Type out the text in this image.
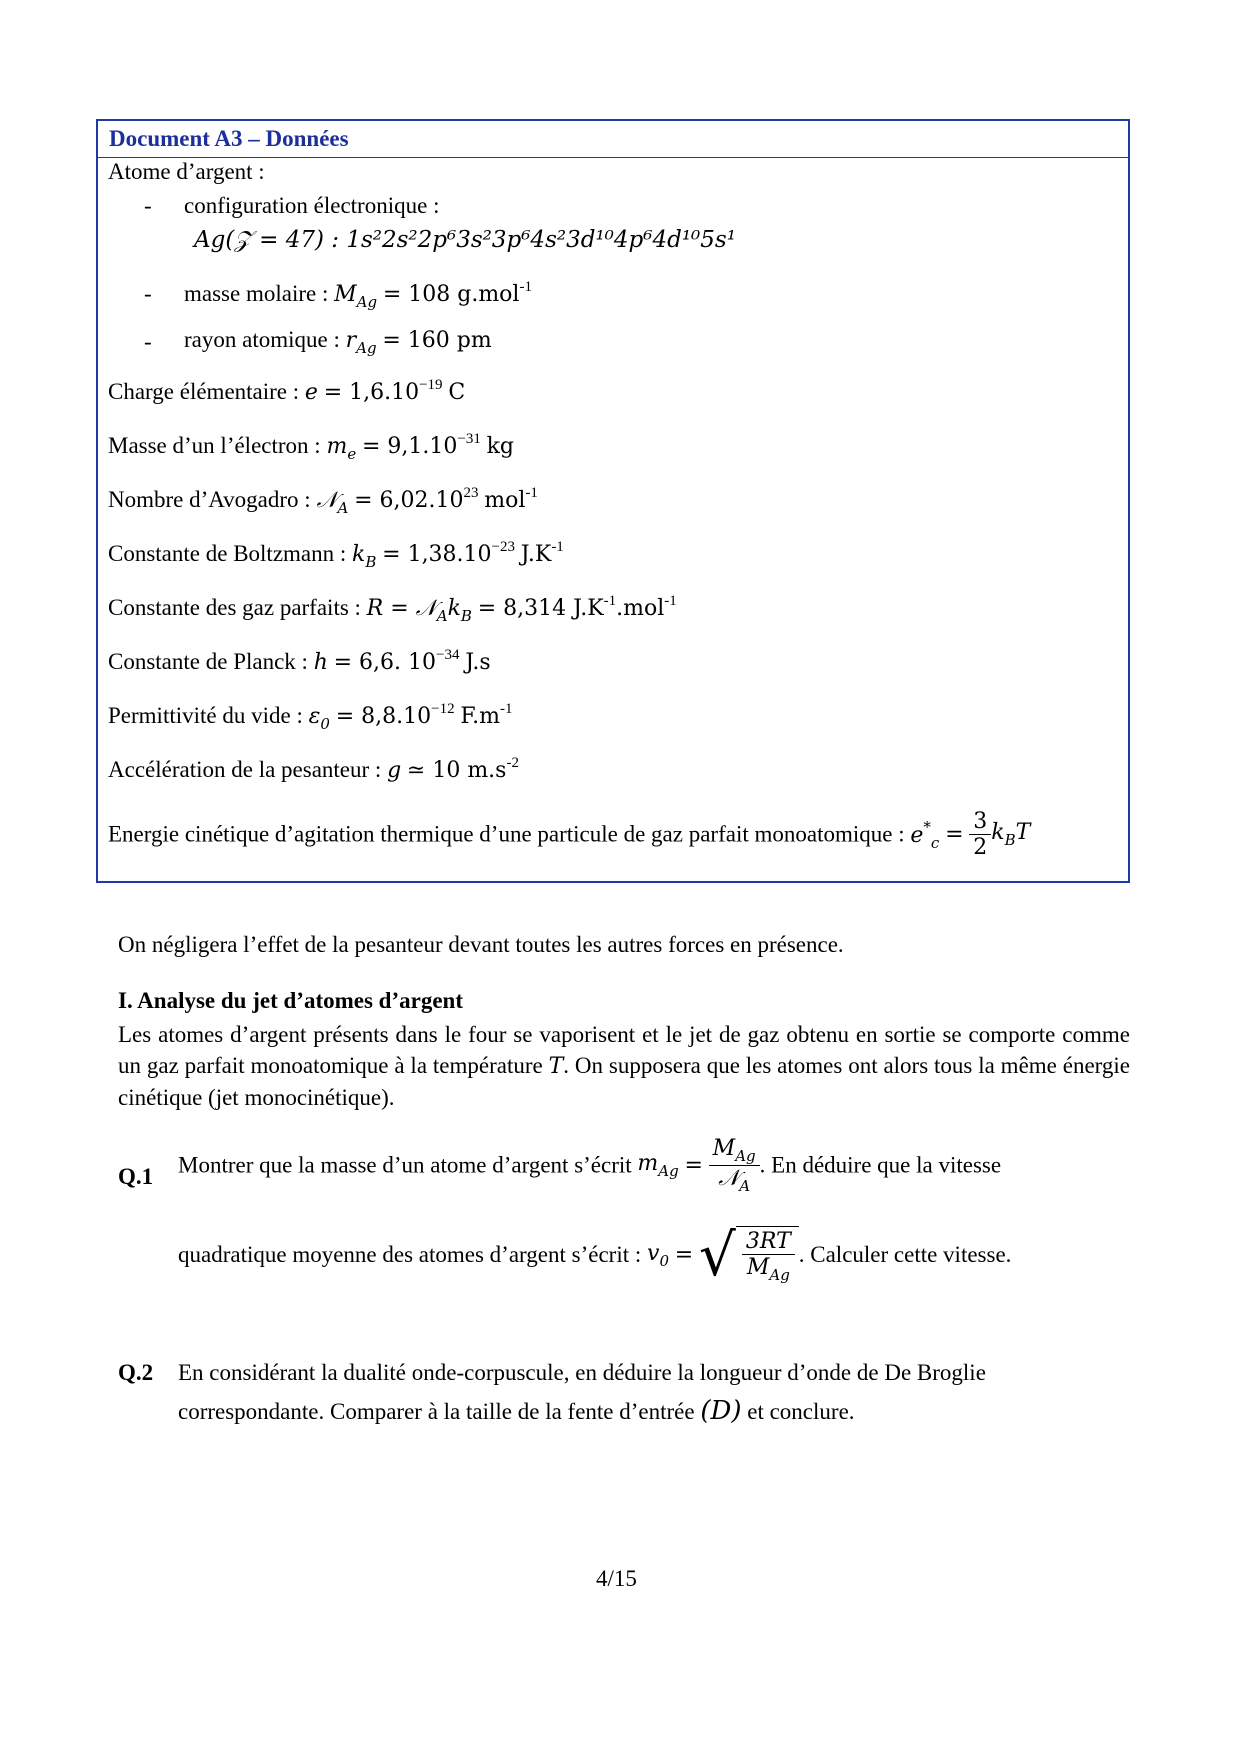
Document A3 – Données
Atome d’argent :
- configuration électronique :
Ag(𝒵 = 47) : 1s²2s²2p⁶3s²3p⁶4s²3d¹⁰4p⁶4d¹⁰5s¹
- masse molaire : $M_{Ag} = 108$ g.mol$^{-1}$
- rayon atomique : $r_{Ag} = 160$ pm
Charge élémentaire : $e = 1,6.10^{-19}$ C
Masse d’un l’électron : $m_e = 9,1.10^{-31}$ kg
Nombre d’Avogadro : 𝒩$_A$ = $6,02.10^{23}$ mol$^{-1}$
Constante de Boltzmann : $k_B = 1,38.10^{-23}$ $J.K^{-1}$
Constante des gaz parfaits : $R = 𝒩_Ak_B = 8,314$ $J.K^{-1}.mol^{-1}$
Constante de Planck : h = 6,6. $10^{-34}$ J.s
Permittivité du vide : $\varepsilon_0 = 8,8.10^{-12}$ $F.m^{-1}$
Accélération de la pesanteur : g ≃ 10 $m.s^{-2}$
Energie cinétique d’agitation thermique d’une particule de gaz parfait monoatomique : $e^*_c = \frac{3}{2} k_BT$
On négligera l’effet de la pesanteur devant toutes les autres forces en présence.
I. Analyse du jet d’atomes d’argent
Les atomes d’argent présents dans le four se vaporisent et le jet de gaz obtenu en sortie se comporte comme un gaz parfait monoatomique à la température T. On supposera que les atomes ont alors tous la même énergie cinétique (jet monocinétique).
Q.1 Montrer que la masse d’un atome d’argent s’écrit $m_{Ag} = \frac{M_{Ag}}{𝒩_A}$ . En déduire que la vitesse
quadratique moyenne des atomes d’argent s’écrit : $v_0$ = √ $\frac{3RT}{M_{Ag}}$ . Calculer cette vitesse.
Q.2 En considérant la dualité onde-corpuscule, en déduire la longueur d’onde de De Broglie
correspondante. Comparer à la taille de la fente d’entrée (D) et conclure.
4/15
